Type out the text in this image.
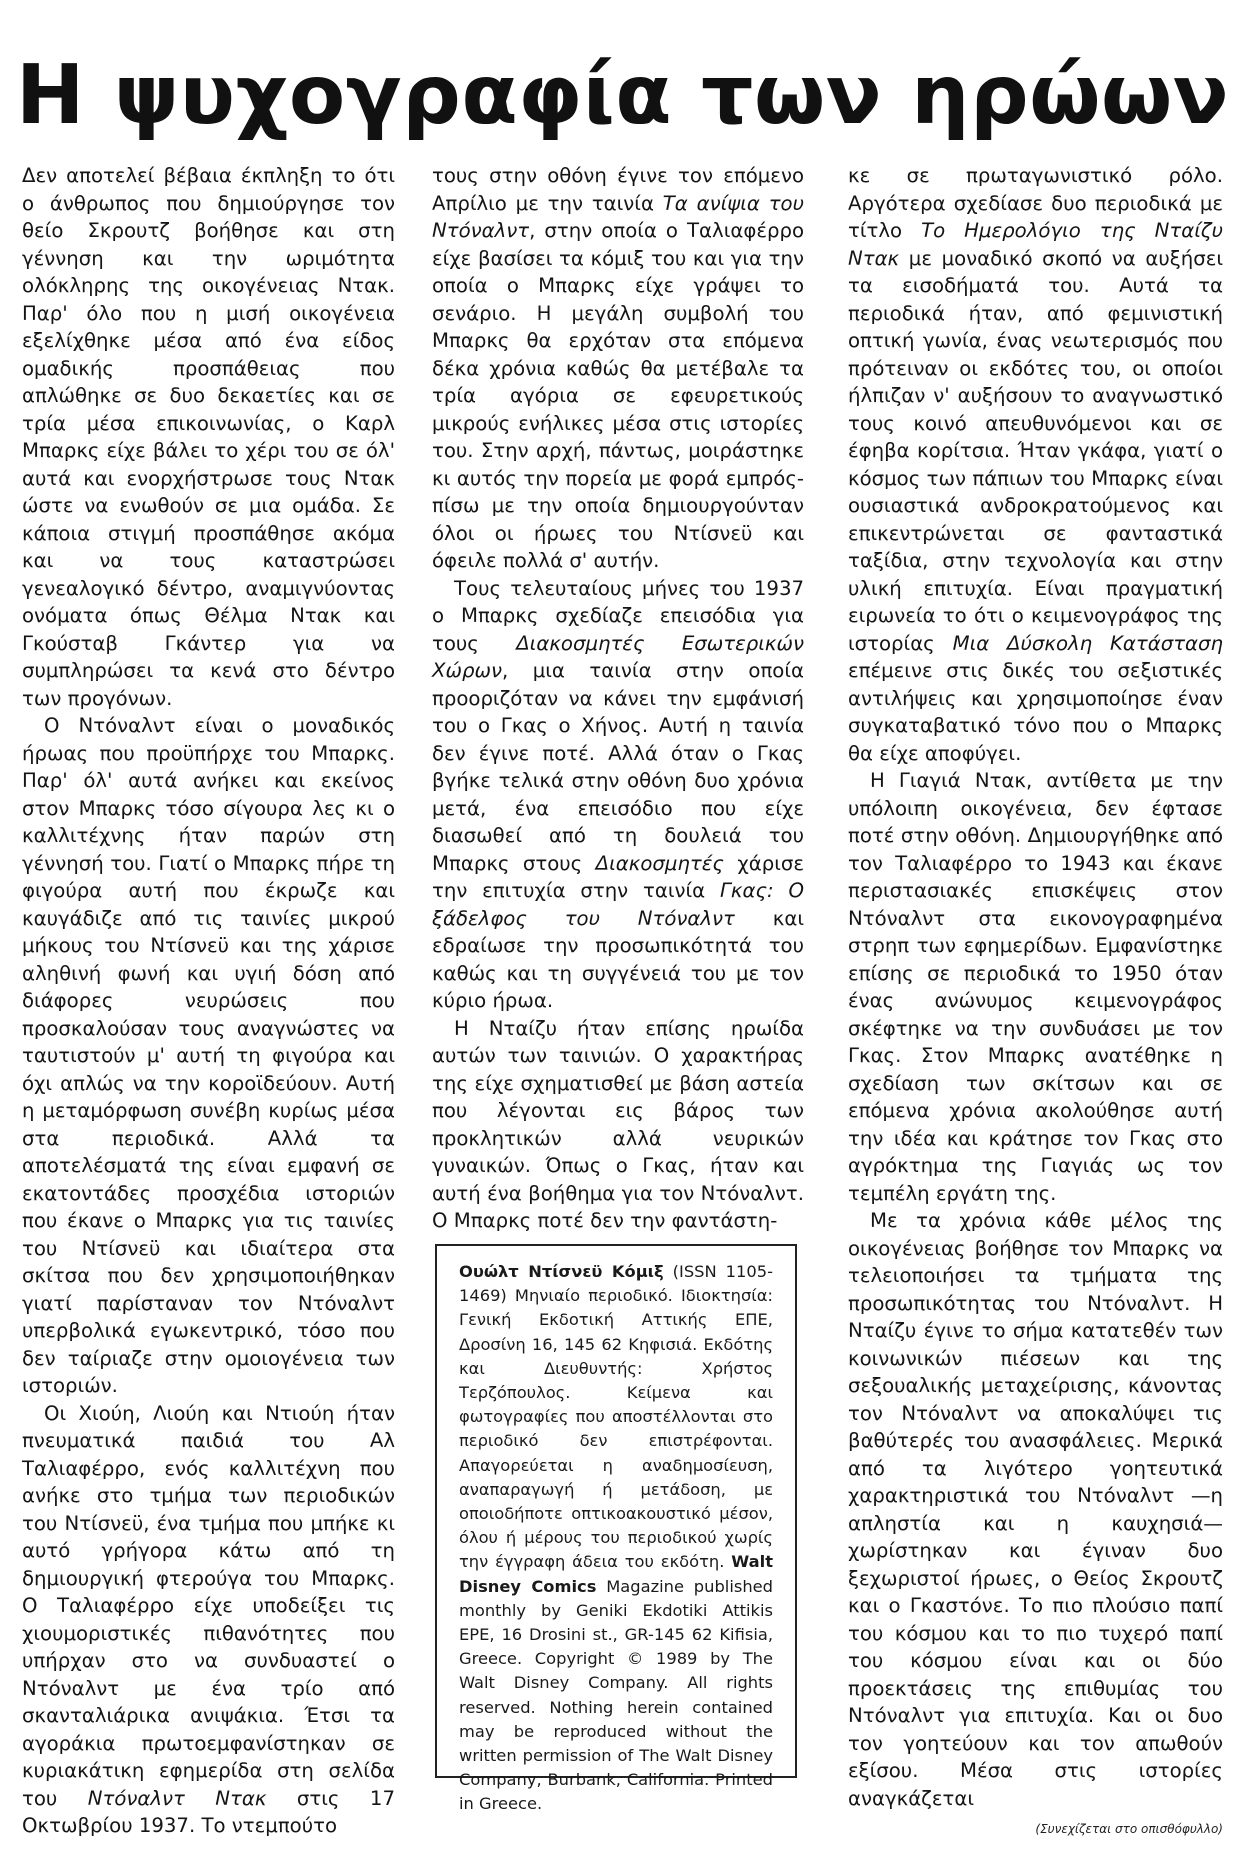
Η ψυχογραφία των ηρώων

Δεν αποτελεί βέβαια έκπληξη το ότι ο άνθρωπος που δημιούργησε τον θείο Σκρουτζ βοήθησε και στη γέννηση και την ωριμότητα ολόκληρης της οικογένειας Ντακ. Παρ' όλο που η μισή οικογένεια εξελίχθηκε μέσα από ένα είδος ομαδικής προσπάθειας που απλώθηκε σε δυο δεκαετίες και σε τρία μέσα επικοινωνίας, ο Καρλ Μπαρκς είχε βάλει το χέρι του σε όλ' αυτά και ενορχήστρωσε τους Ντακ ώστε να ενωθούν σε μια ομάδα. Σε κάποια στιγμή προσπάθησε ακόμα και να τους καταστρώσει γενεαλογικό δέντρο, αναμιγνύοντας ονόματα όπως Θέλμα Ντακ και Γκούσταβ Γκάντερ για να συμπληρώσει τα κενά στο δέντρο των προγόνων.

Ο Ντόναλντ είναι ο μοναδικός ήρωας που προϋπήρχε του Μπαρκς. Παρ' όλ' αυτά ανήκει και εκείνος στον Μπαρκς τόσο σίγουρα λες κι ο καλλιτέχνης ήταν παρών στη γέννησή του. Γιατί ο Μπαρκς πήρε τη φιγούρα αυτή που έκρωζε και καυγάδιζε από τις ταινίες μικρού μήκους του Ντίσνεϋ και της χάρισε αληθινή φωνή και υγιή δόση από διάφορες νευρώσεις που προσκαλούσαν τους αναγνώστες να ταυτιστούν μ' αυτή τη φιγούρα και όχι απλώς να την κοροϊδεύουν. Αυτή η μεταμόρφωση συνέβη κυρίως μέσα στα περιοδικά. Αλλά τα αποτελέσματά της είναι εμφανή σε εκατοντάδες προσχέδια ιστοριών που έκανε ο Μπαρκς για τις ταινίες του Ντίσνεϋ και ιδιαίτερα στα σκίτσα που δεν χρησιμοποιήθηκαν γιατί παρίσταναν τον Ντόναλντ υπερβολικά εγωκεντρικό, τόσο που δεν ταίριαζε στην ομοιογένεια των ιστοριών.

Οι Χιούη, Λιούη και Ντιούη ήταν πνευματικά παιδιά του Αλ Ταλιαφέρρο, ενός καλλιτέχνη που ανήκε στο τμήμα των περιοδικών του Ντίσνεϋ, ένα τμήμα που μπήκε κι αυτό γρήγορα κάτω από τη δημιουργική φτερούγα του Μπαρκς. Ο Ταλιαφέρρο είχε υποδείξει τις χιουμοριστικές πιθανότητες που υπήρχαν στο να συνδυαστεί ο Ντόναλντ με ένα τρίο από σκανταλιάρικα ανιψάκια. Έτσι τα αγοράκια πρωτοεμφανίστηκαν σε κυριακάτικη εφημερίδα στη σελίδα του Ντόναλντ Ντακ στις 17 Οκτωβρίου 1937. Το ντεμπούτο

τους στην οθόνη έγινε τον επόμενο Απρίλιο με την ταινία Τα ανίψια του Ντόναλντ, στην οποία ο Ταλιαφέρρο είχε βασίσει τα κόμιξ του και για την οποία ο Μπαρκς είχε γράψει το σενάριο. Η μεγάλη συμβολή του Μπαρκς θα ερχόταν στα επόμενα δέκα χρόνια καθώς θα μετέβαλε τα τρία αγόρια σε εφευρετικούς μικρούς ενήλικες μέσα στις ιστορίες του. Στην αρχή, πάντως, μοιράστηκε κι αυτός την πορεία με φορά εμπρός-πίσω με την οποία δημιουργούνταν όλοι οι ήρωες του Ντίσνεϋ και όφειλε πολλά σ' αυτήν.

Τους τελευταίους μήνες του 1937 ο Μπαρκς σχεδίαζε επεισόδια για τους Διακοσμητές Εσωτερικών Χώρων, μια ταινία στην οποία προοριζόταν να κάνει την εμφάνισή του ο Γκας ο Χήνος. Αυτή η ταινία δεν έγινε ποτέ. Αλλά όταν ο Γκας βγήκε τελικά στην οθόνη δυο χρόνια μετά, ένα επεισόδιο που είχε διασωθεί από τη δουλειά του Μπαρκς στους Διακοσμητές χάρισε την επιτυχία στην ταινία Γκας: Ο ξάδελφος του Ντόναλντ και εδραίωσε την προσωπικότητά του καθώς και τη συγγένειά του με τον κύριο ήρωα.

Η Νταίζυ ήταν επίσης ηρωίδα αυτών των ταινιών. Ο χαρακτήρας της είχε σχηματισθεί με βάση αστεία που λέγονται εις βάρος των προκλητικών αλλά νευρικών γυναικών. Όπως ο Γκας, ήταν και αυτή ένα βοήθημα για τον Ντόναλντ. Ο Μπαρκς ποτέ δεν την φαντάστη-

Ουώλτ Ντίσνεϋ Κόμιξ (ISSN 1105-1469) Μηνιαίο περιοδικό. Ιδιοκτησία: Γενική Εκδοτική Αττικής ΕΠΕ, Δροσίνη 16, 145 62 Κηφισιά. Εκδότης και Διευθυντής: Χρήστος Τερζόπουλος. Κείμενα και φωτογραφίες που αποστέλλονται στο περιοδικό δεν επιστρέφονται. Απαγορεύεται η αναδημοσίευση, αναπαραγωγή ή μετάδοση, με οποιοδήποτε οπτικοακουστικό μέσον, όλου ή μέρους του περιοδικού χωρίς την έγγραφη άδεια του εκδότη. Walt Disney Comics Magazine published monthly by Geniki Ekdotiki Attikis EPE, 16 Drosini st., GR-145 62 Kifisia, Greece. Copyright © 1989 by The Walt Disney Company. All rights reserved. Nothing herein contained may be reproduced without the written permission of The Walt Disney Company, Burbank, California. Printed in Greece.

κε σε πρωταγωνιστικό ρόλο. Αργότερα σχεδίασε δυο περιοδικά με τίτλο Το Ημερολόγιο της Νταίζυ Ντακ με μοναδικό σκοπό να αυξήσει τα εισοδήματά του. Αυτά τα περιοδικά ήταν, από φεμινιστική οπτική γωνία, ένας νεωτερισμός που πρότειναν οι εκδότες του, οι οποίοι ήλπιζαν ν' αυξήσουν το αναγνωστικό τους κοινό απευθυνόμενοι και σε έφηβα κορίτσια. Ήταν γκάφα, γιατί ο κόσμος των πάπιων του Μπαρκς είναι ουσιαστικά ανδροκρατούμενος και επικεντρώνεται σε φανταστικά ταξίδια, στην τεχνολογία και στην υλική επιτυχία. Είναι πραγματική ειρωνεία το ότι ο κειμενογράφος της ιστορίας Μια Δύσκολη Κατάσταση επέμεινε στις δικές του σεξιστικές αντιλήψεις και χρησιμοποίησε έναν συγκαταβατικό τόνο που ο Μπαρκς θα είχε αποφύγει.

Η Γιαγιά Ντακ, αντίθετα με την υπόλοιπη οικογένεια, δεν έφτασε ποτέ στην οθόνη. Δημιουργήθηκε από τον Ταλιαφέρρο το 1943 και έκανε περιστασιακές επισκέψεις στον Ντόναλντ στα εικονογραφημένα στρηπ των εφημερίδων. Εμφανίστηκε επίσης σε περιοδικά το 1950 όταν ένας ανώνυμος κειμενογράφος σκέφτηκε να την συνδυάσει με τον Γκας. Στον Μπαρκς ανατέθηκε η σχεδίαση των σκίτσων και σε επόμενα χρόνια ακολούθησε αυτή την ιδέα και κράτησε τον Γκας στο αγρόκτημα της Γιαγιάς ως τον τεμπέλη εργάτη της.

Με τα χρόνια κάθε μέλος της οικογένειας βοήθησε τον Μπαρκς να τελειοποιήσει τα τμήματα της προσωπικότητας του Ντόναλντ. Η Νταίζυ έγινε το σήμα κατατεθέν των κοινωνικών πιέσεων και της σεξουαλικής μεταχείρισης, κάνοντας τον Ντόναλντ να αποκαλύψει τις βαθύτερές του ανασφάλειες. Μερικά από τα λιγότερο γοητευτικά χαρακτηριστικά του Ντόναλντ —η απληστία και η καυχησιά— χωρίστηκαν και έγιναν δυο ξεχωριστοί ήρωες, ο Θείος Σκρουτζ και ο Γκαστόνε. Το πιο πλούσιο παπί του κόσμου και το πιο τυχερό παπί του κόσμου είναι και οι δύο προεκτάσεις της επιθυμίας του Ντόναλντ για επιτυχία. Και οι δυο τον γοητεύουν και τον απωθούν εξίσου. Μέσα στις ιστορίες αναγκάζεται

(Συνεχίζεται στο οπισθόφυλλο)
